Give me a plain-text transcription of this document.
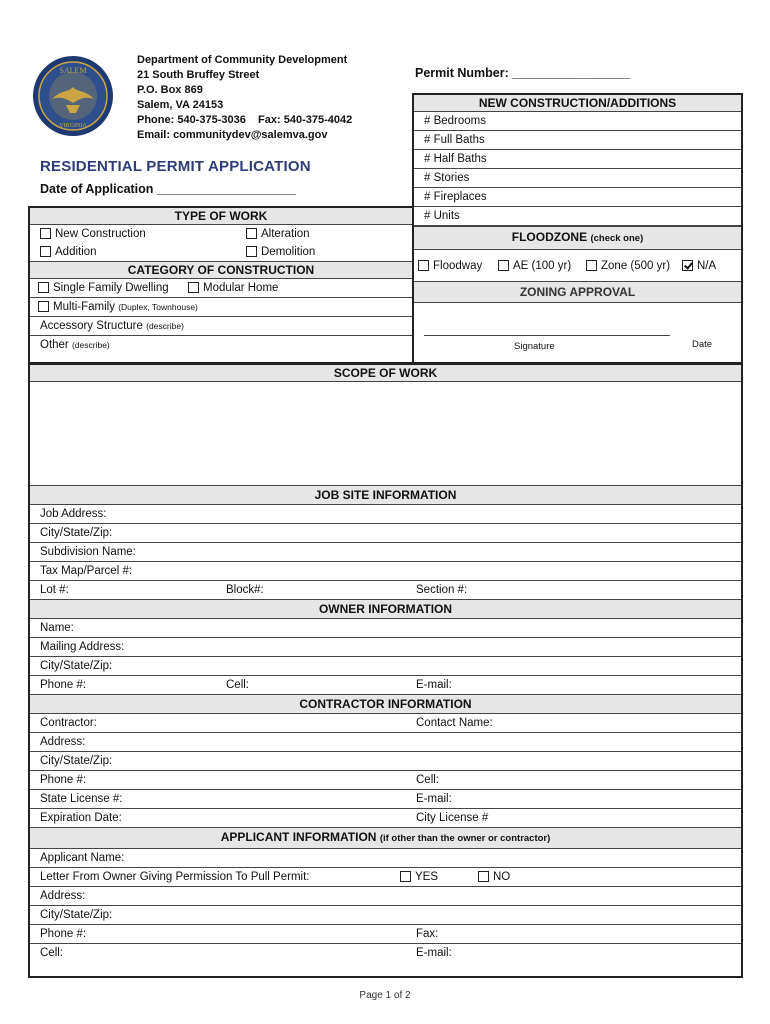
SALEM
VIRGINIA
Department of Community Development
21 South Bruffey Street
P.O. Box 869
Salem, VA 24153
Phone: 540-375-3036    Fax: 540-375-4042
Email: communitydev@salemva.gov
RESIDENTIAL PERMIT APPLICATION
Date of Application ____________________
Permit Number: _________________
TYPE OF WORK
New Construction	Alteration
Addition	Demolition
CATEGORY OF CONSTRUCTION
Single Family Dwelling	Modular Home
Multi-Family (Duplex, Townhouse)
Accessory Structure (describe)
Other (describe)
NEW CONSTRUCTION/ADDITIONS
# Bedrooms
# Full Baths
# Half Baths
# Stories
# Fireplaces
# Units
FLOODZONE (check one)
Floodway	AE (100 yr)	Zone (500 yr)	N/A
ZONING APPROVAL
Signature	Date
SCOPE OF WORK
JOB SITE INFORMATION
Job Address:
City/State/Zip:
Subdivision Name:
Tax Map/Parcel #:
Lot #:	Block#:	Section #:
OWNER INFORMATION
Name:
Mailing Address:
City/State/Zip:
Phone #:	Cell:	E-mail:
CONTRACTOR INFORMATION
Contractor:	Contact Name:
Address:
City/State/Zip:
Phone #:	Cell:
State License #:	E-mail:
Expiration Date:	City License #
APPLICANT INFORMATION (if other than the owner or contractor)
Applicant Name:
Letter From Owner Giving Permission To Pull Permit:	YES	NO
Address:
City/State/Zip:
Phone #:	Fax:
Cell:	E-mail:
Page 1 of 2
